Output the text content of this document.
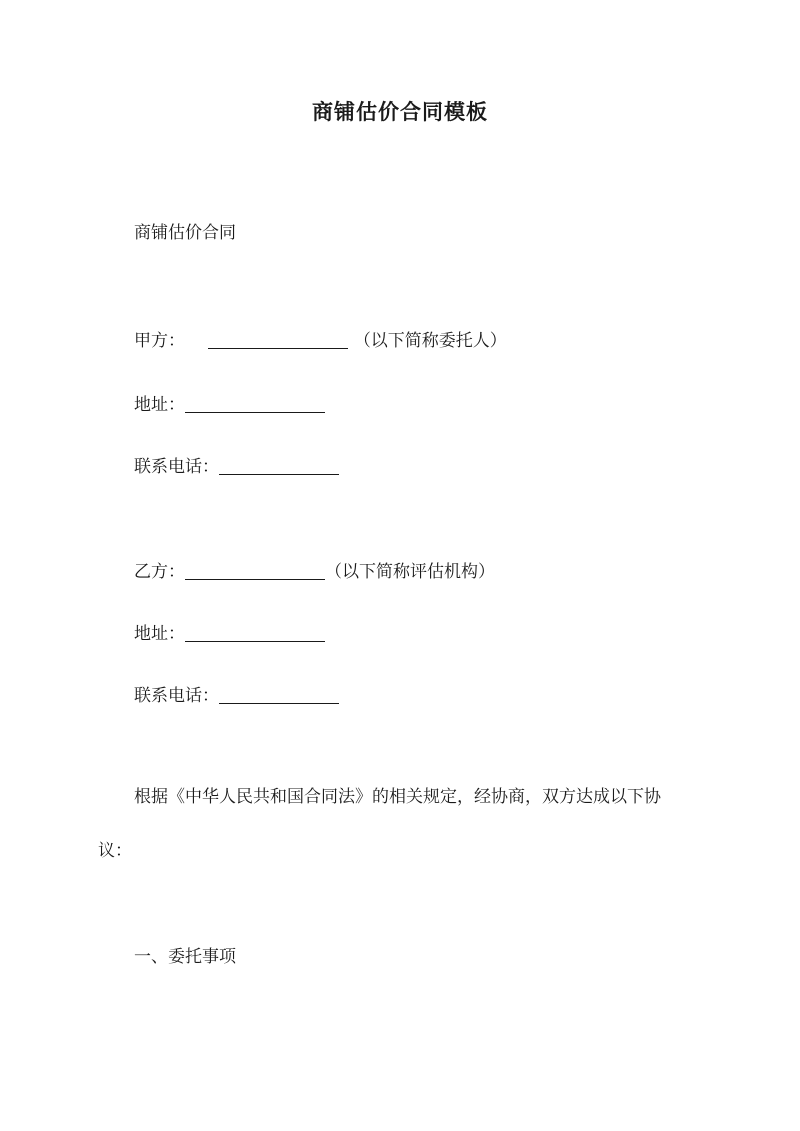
商铺估价合同模板

商铺估价合同

甲方：	（以下简称委托人）

地址：

联系电话：

乙方：	（以下简称评估机构）

地址：

联系电话：

根据《中华人民共和国合同法》的相关规定，经协商，双方达成以下协议：

一、委托事项
